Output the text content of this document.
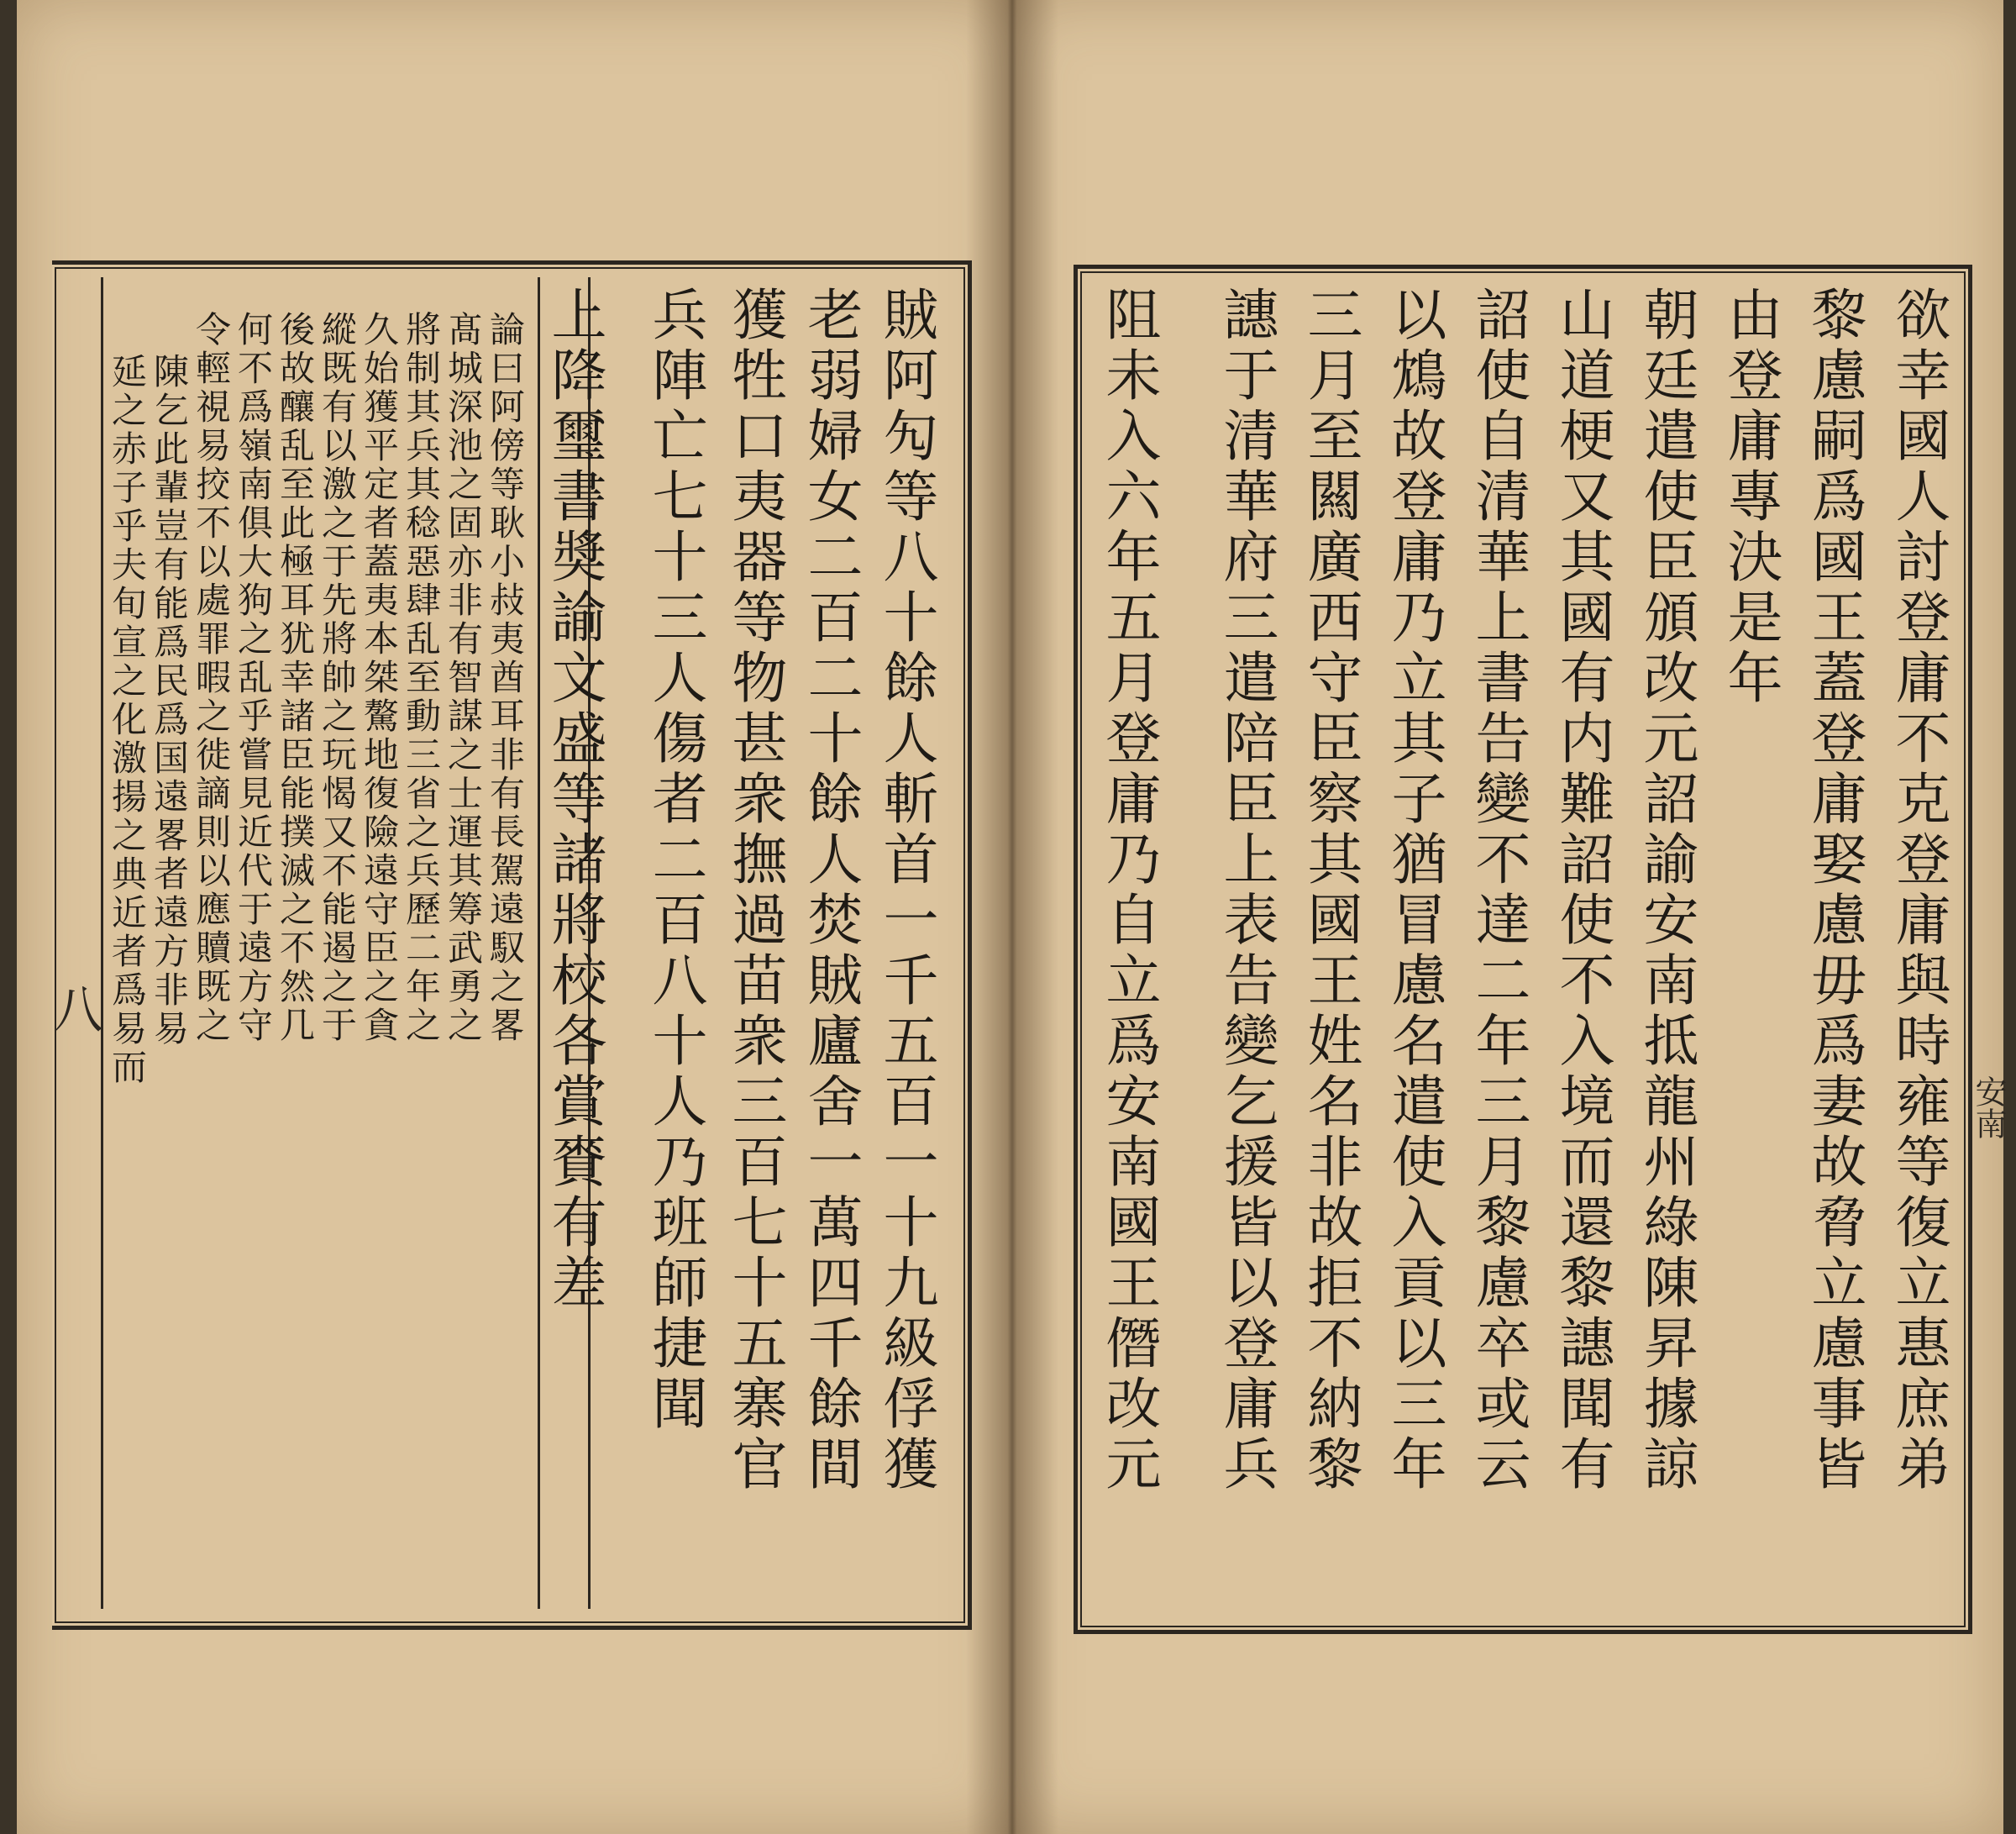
賊阿勼等八十餘人斬首一千五百一十九級俘獲
老弱婦女二百二十餘人焚賊廬舍一萬四千餘間
獲牲口夷器等物甚衆撫過苗衆三百七十五寨官
兵陣亡七十三人傷者二百八十人乃班師捷聞
上降璽書奬諭文盛等諸將校各賞賚有差
論曰阿傍等耿小敊夷酋耳非有長駕遠馭之畧
髙城深池之固亦非有智謀之士運其筹武勇之
將制其兵其稔惡肆乱至動三省之兵歷二年之
久始獲平定者蓋夷本桀驁地復險遠守臣之貪
縱既有以激之于先將帥之玩愒又不能遏之于
後故釀乱至此極耳犹幸諸臣能撲滅之不然几
何不爲嶺南俱大狗之乱乎嘗見近代于遠方守
令輕視易挍不以處罪暇之徙謫則以應贖既之
陳乞此輩豈有能爲民爲国遠畧者遠方非易
延之赤子乎夫旬宣之化激揚之典近者爲易而
八	欲幸國人討登庸不克登庸與時雍等復立惠庶弟
黎慮嗣爲國王蓋登庸娶慮毋爲妻故脅立慮事皆
由登庸專決是年
朝廷遣使臣頒改元詔諭安南抵龍州綠陳昇據諒
山道梗又其國有内難詔使不入境而還黎譓聞有
詔使自清華上書告變不達二年三月黎慮卒或云
以鴆故登庸乃立其子猶冒慮名遣使入貢以三年
三月至闗廣西守臣察其國王姓名非故拒不納黎
譓于清華府三遣陪臣上表告變乞援皆以登庸兵
阻未入六年五月登庸乃自立爲安南國王僭改元	安南
